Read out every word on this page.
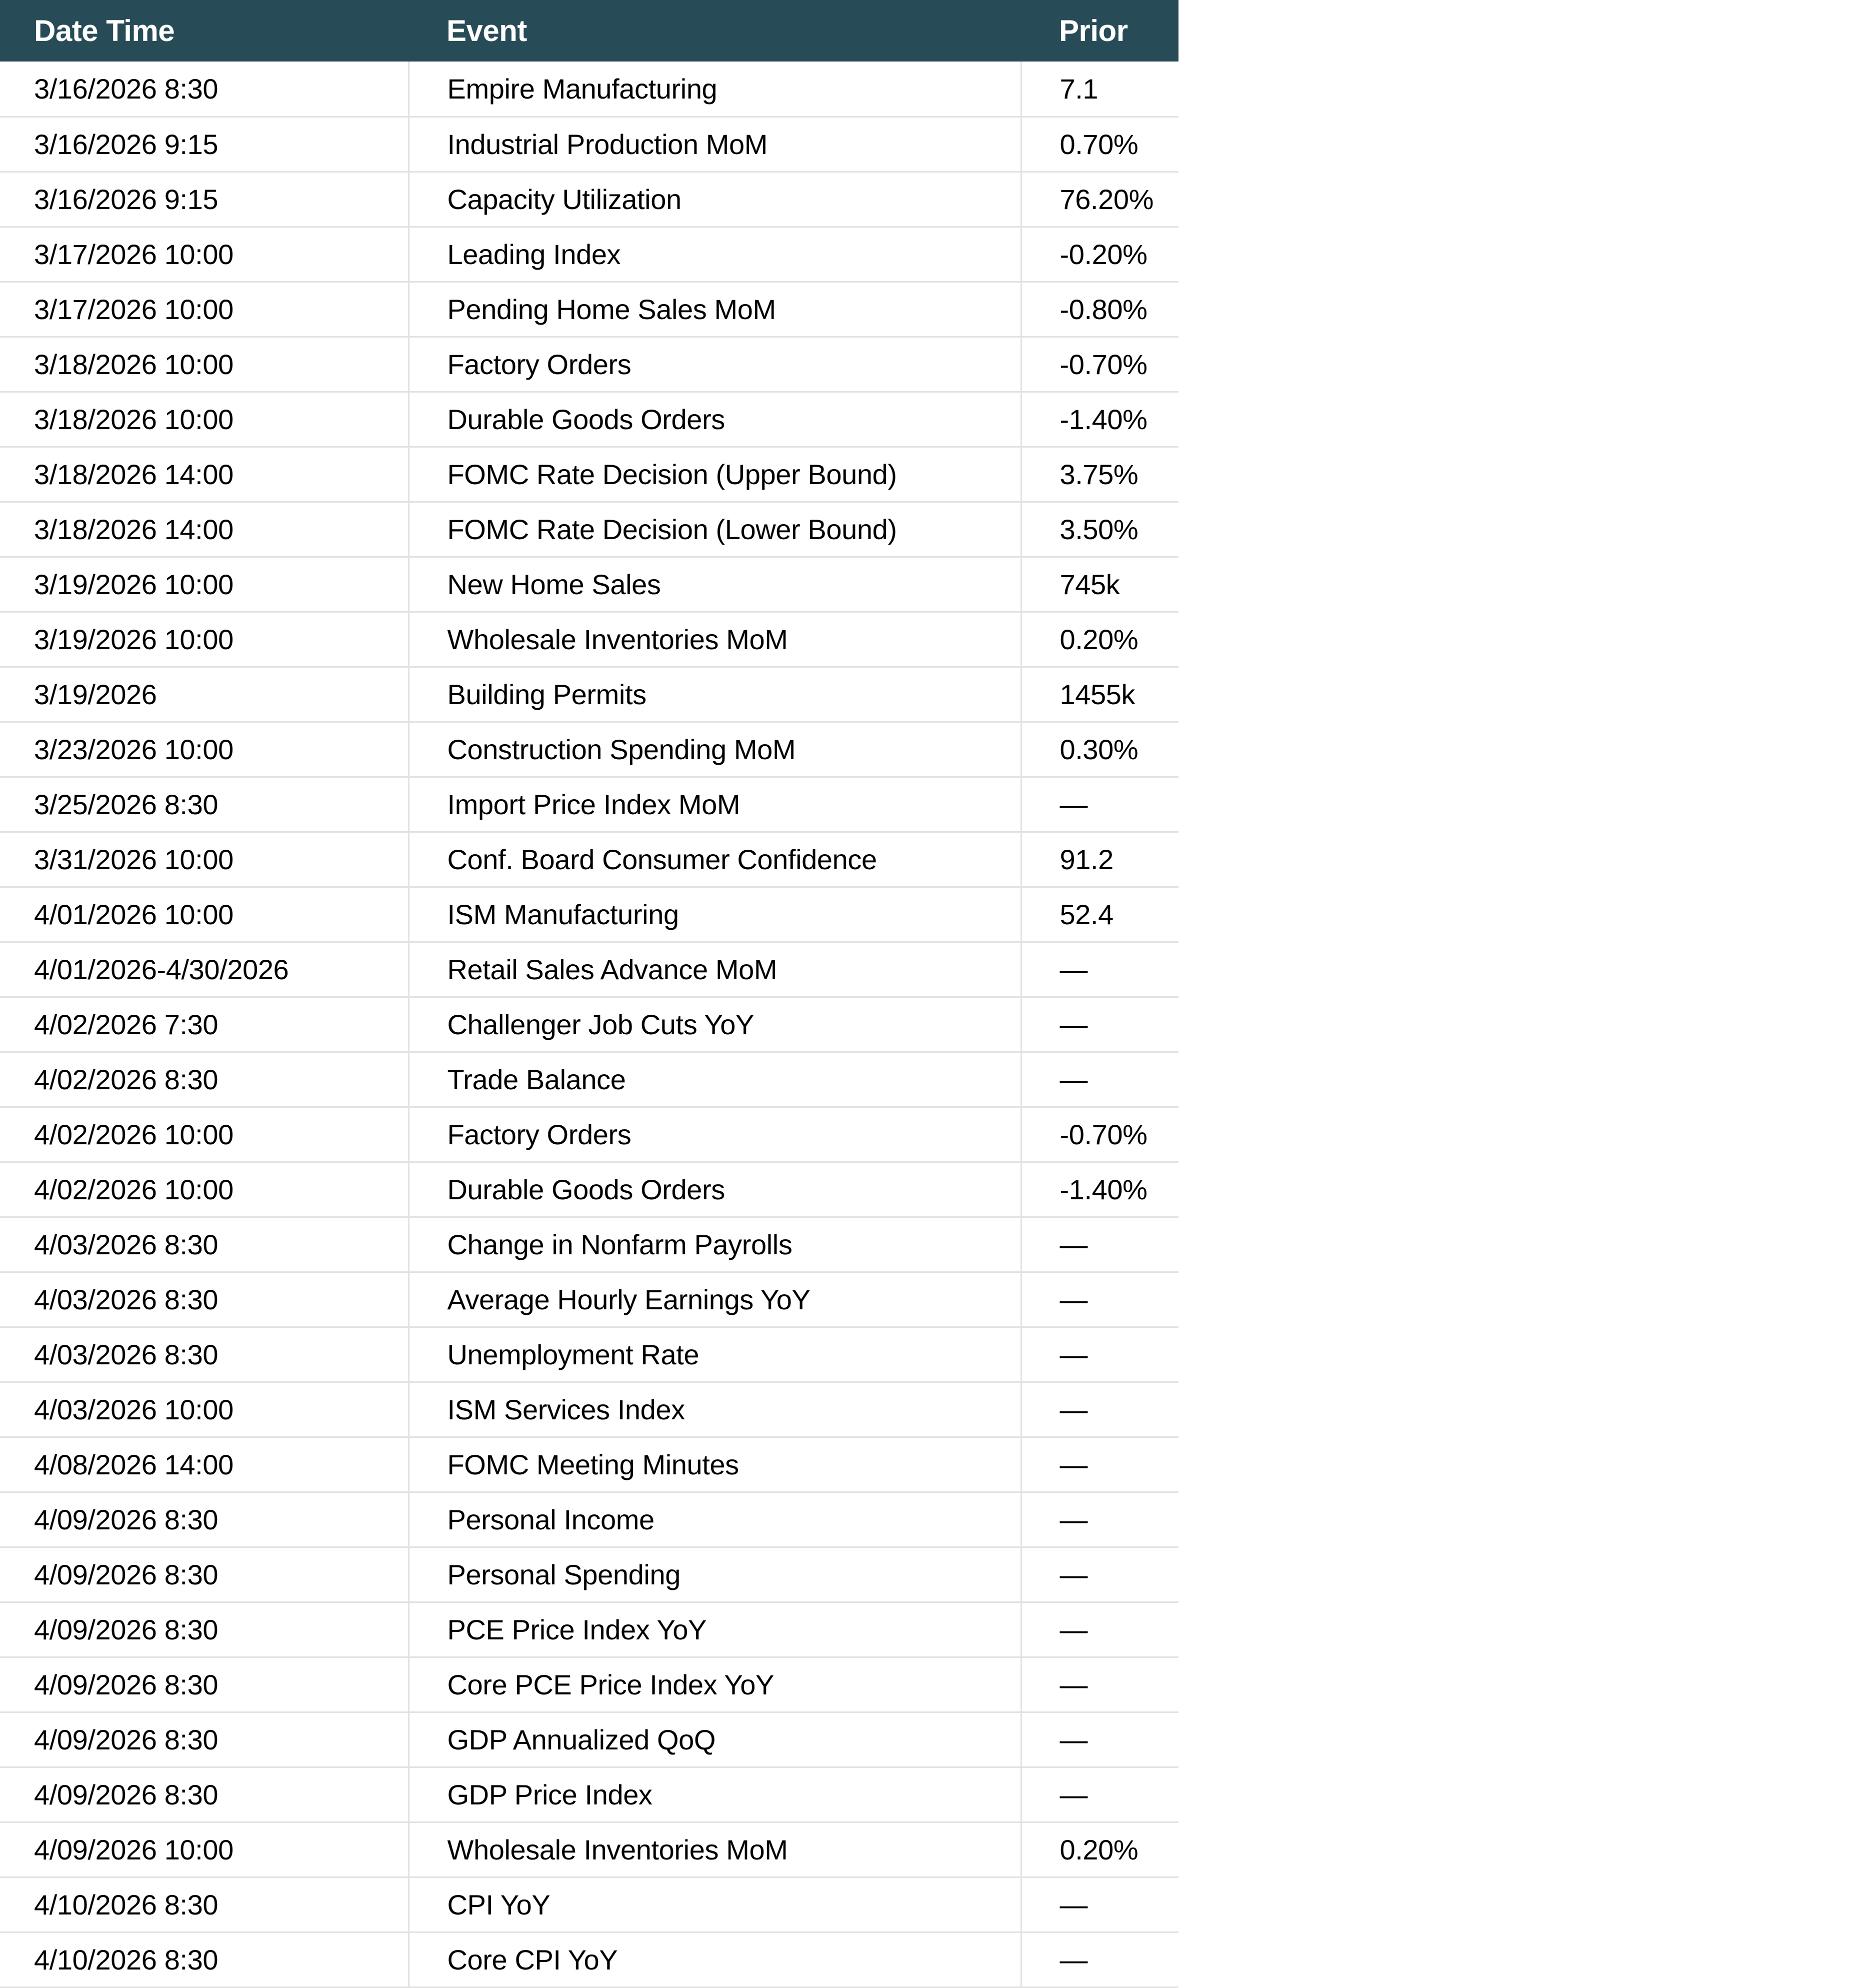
Date Time	Event	Prior
3/16/2026 8:30	Empire Manufacturing	7.1
3/16/2026 9:15	Industrial Production MoM	0.70%
3/16/2026 9:15	Capacity Utilization	76.20%
3/17/2026 10:00	Leading Index	-0.20%
3/17/2026 10:00	Pending Home Sales MoM	-0.80%
3/18/2026 10:00	Factory Orders	-0.70%
3/18/2026 10:00	Durable Goods Orders	-1.40%
3/18/2026 14:00	FOMC Rate Decision (Upper Bound)	3.75%
3/18/2026 14:00	FOMC Rate Decision (Lower Bound)	3.50%
3/19/2026 10:00	New Home Sales	745k
3/19/2026 10:00	Wholesale Inventories MoM	0.20%
3/19/2026	Building Permits	1455k
3/23/2026 10:00	Construction Spending MoM	0.30%
3/25/2026 8:30	Import Price Index MoM	—
3/31/2026 10:00	Conf. Board Consumer Confidence	91.2
4/01/2026 10:00	ISM Manufacturing	52.4
4/01/2026-4/30/2026	Retail Sales Advance MoM	—
4/02/2026 7:30	Challenger Job Cuts YoY	—
4/02/2026 8:30	Trade Balance	—
4/02/2026 10:00	Factory Orders	-0.70%
4/02/2026 10:00	Durable Goods Orders	-1.40%
4/03/2026 8:30	Change in Nonfarm Payrolls	—
4/03/2026 8:30	Average Hourly Earnings YoY	—
4/03/2026 8:30	Unemployment Rate	—
4/03/2026 10:00	ISM Services Index	—
4/08/2026 14:00	FOMC Meeting Minutes	—
4/09/2026 8:30	Personal Income	—
4/09/2026 8:30	Personal Spending	—
4/09/2026 8:30	PCE Price Index YoY	—
4/09/2026 8:30	Core PCE Price Index YoY	—
4/09/2026 8:30	GDP Annualized QoQ	—
4/09/2026 8:30	GDP Price Index	—
4/09/2026 10:00	Wholesale Inventories MoM	0.20%
4/10/2026 8:30	CPI YoY	—
4/10/2026 8:30	Core CPI YoY	—
